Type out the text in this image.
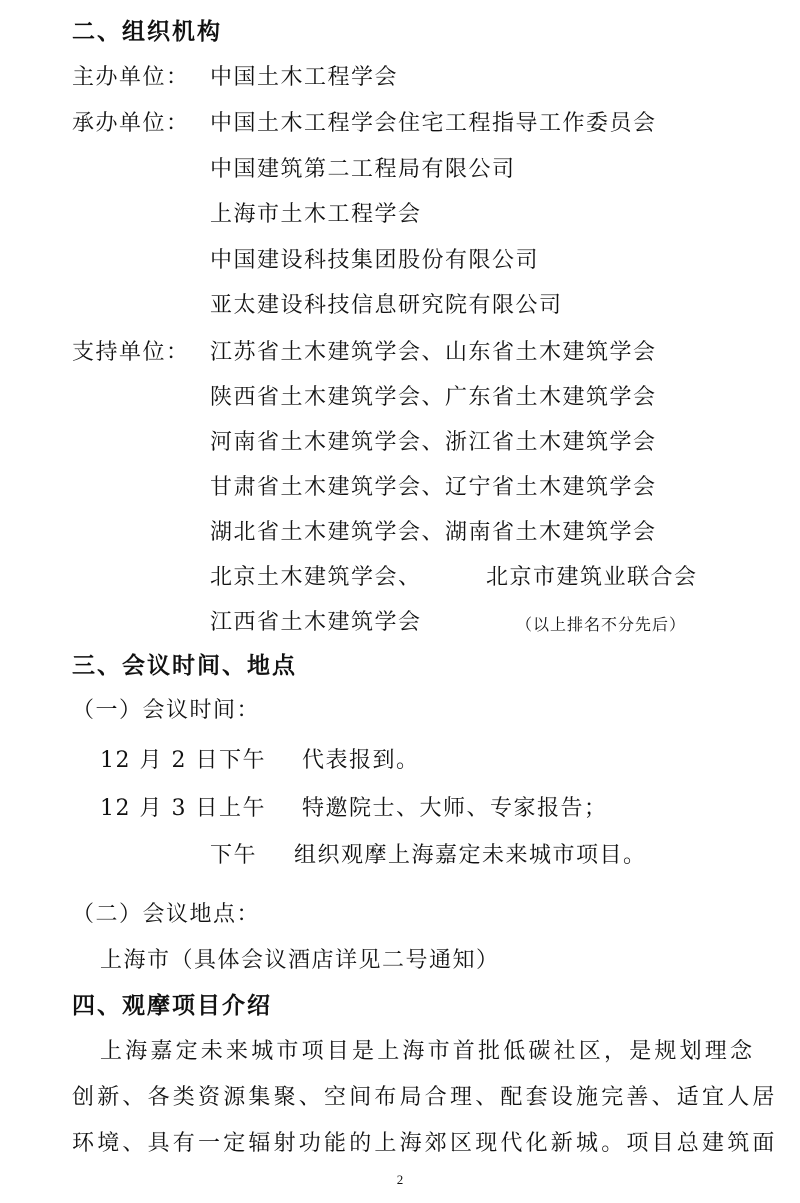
二、组织机构
主办单位： 中国土木工程学会
承办单位： 中国土木工程学会住宅工程指导工作委员会
中国建筑第二工程局有限公司
上海市土木工程学会
中国建设科技集团股份有限公司
亚太建设科技信息研究院有限公司
支持单位： 江苏省土木建筑学会、山东省土木建筑学会
陕西省土木建筑学会、广东省土木建筑学会
河南省土木建筑学会、浙江省土木建筑学会
甘肃省土木建筑学会、辽宁省土木建筑学会
湖北省土木建筑学会、湖南省土木建筑学会
北京土木建筑学会、	北京市建筑业联合会
江西省土木建筑学会	（以上排名不分先后）
三、会议时间、地点
（一）会议时间：
12 月 2 日下午 代表报到。
12 月 3 日上午 特邀院士、大师、专家报告；
下午 组织观摩上海嘉定未来城市项目。
（二）会议地点：
上海市（具体会议酒店详见二号通知）
四、观摩项目介绍
上海嘉定未来城市项目是上海市首批低碳社区，是规划理念
创新、各类资源集聚、空间布局合理、配套设施完善、适宜人居
环境、具有一定辐射功能的上海郊区现代化新城。项目总建筑面
2
